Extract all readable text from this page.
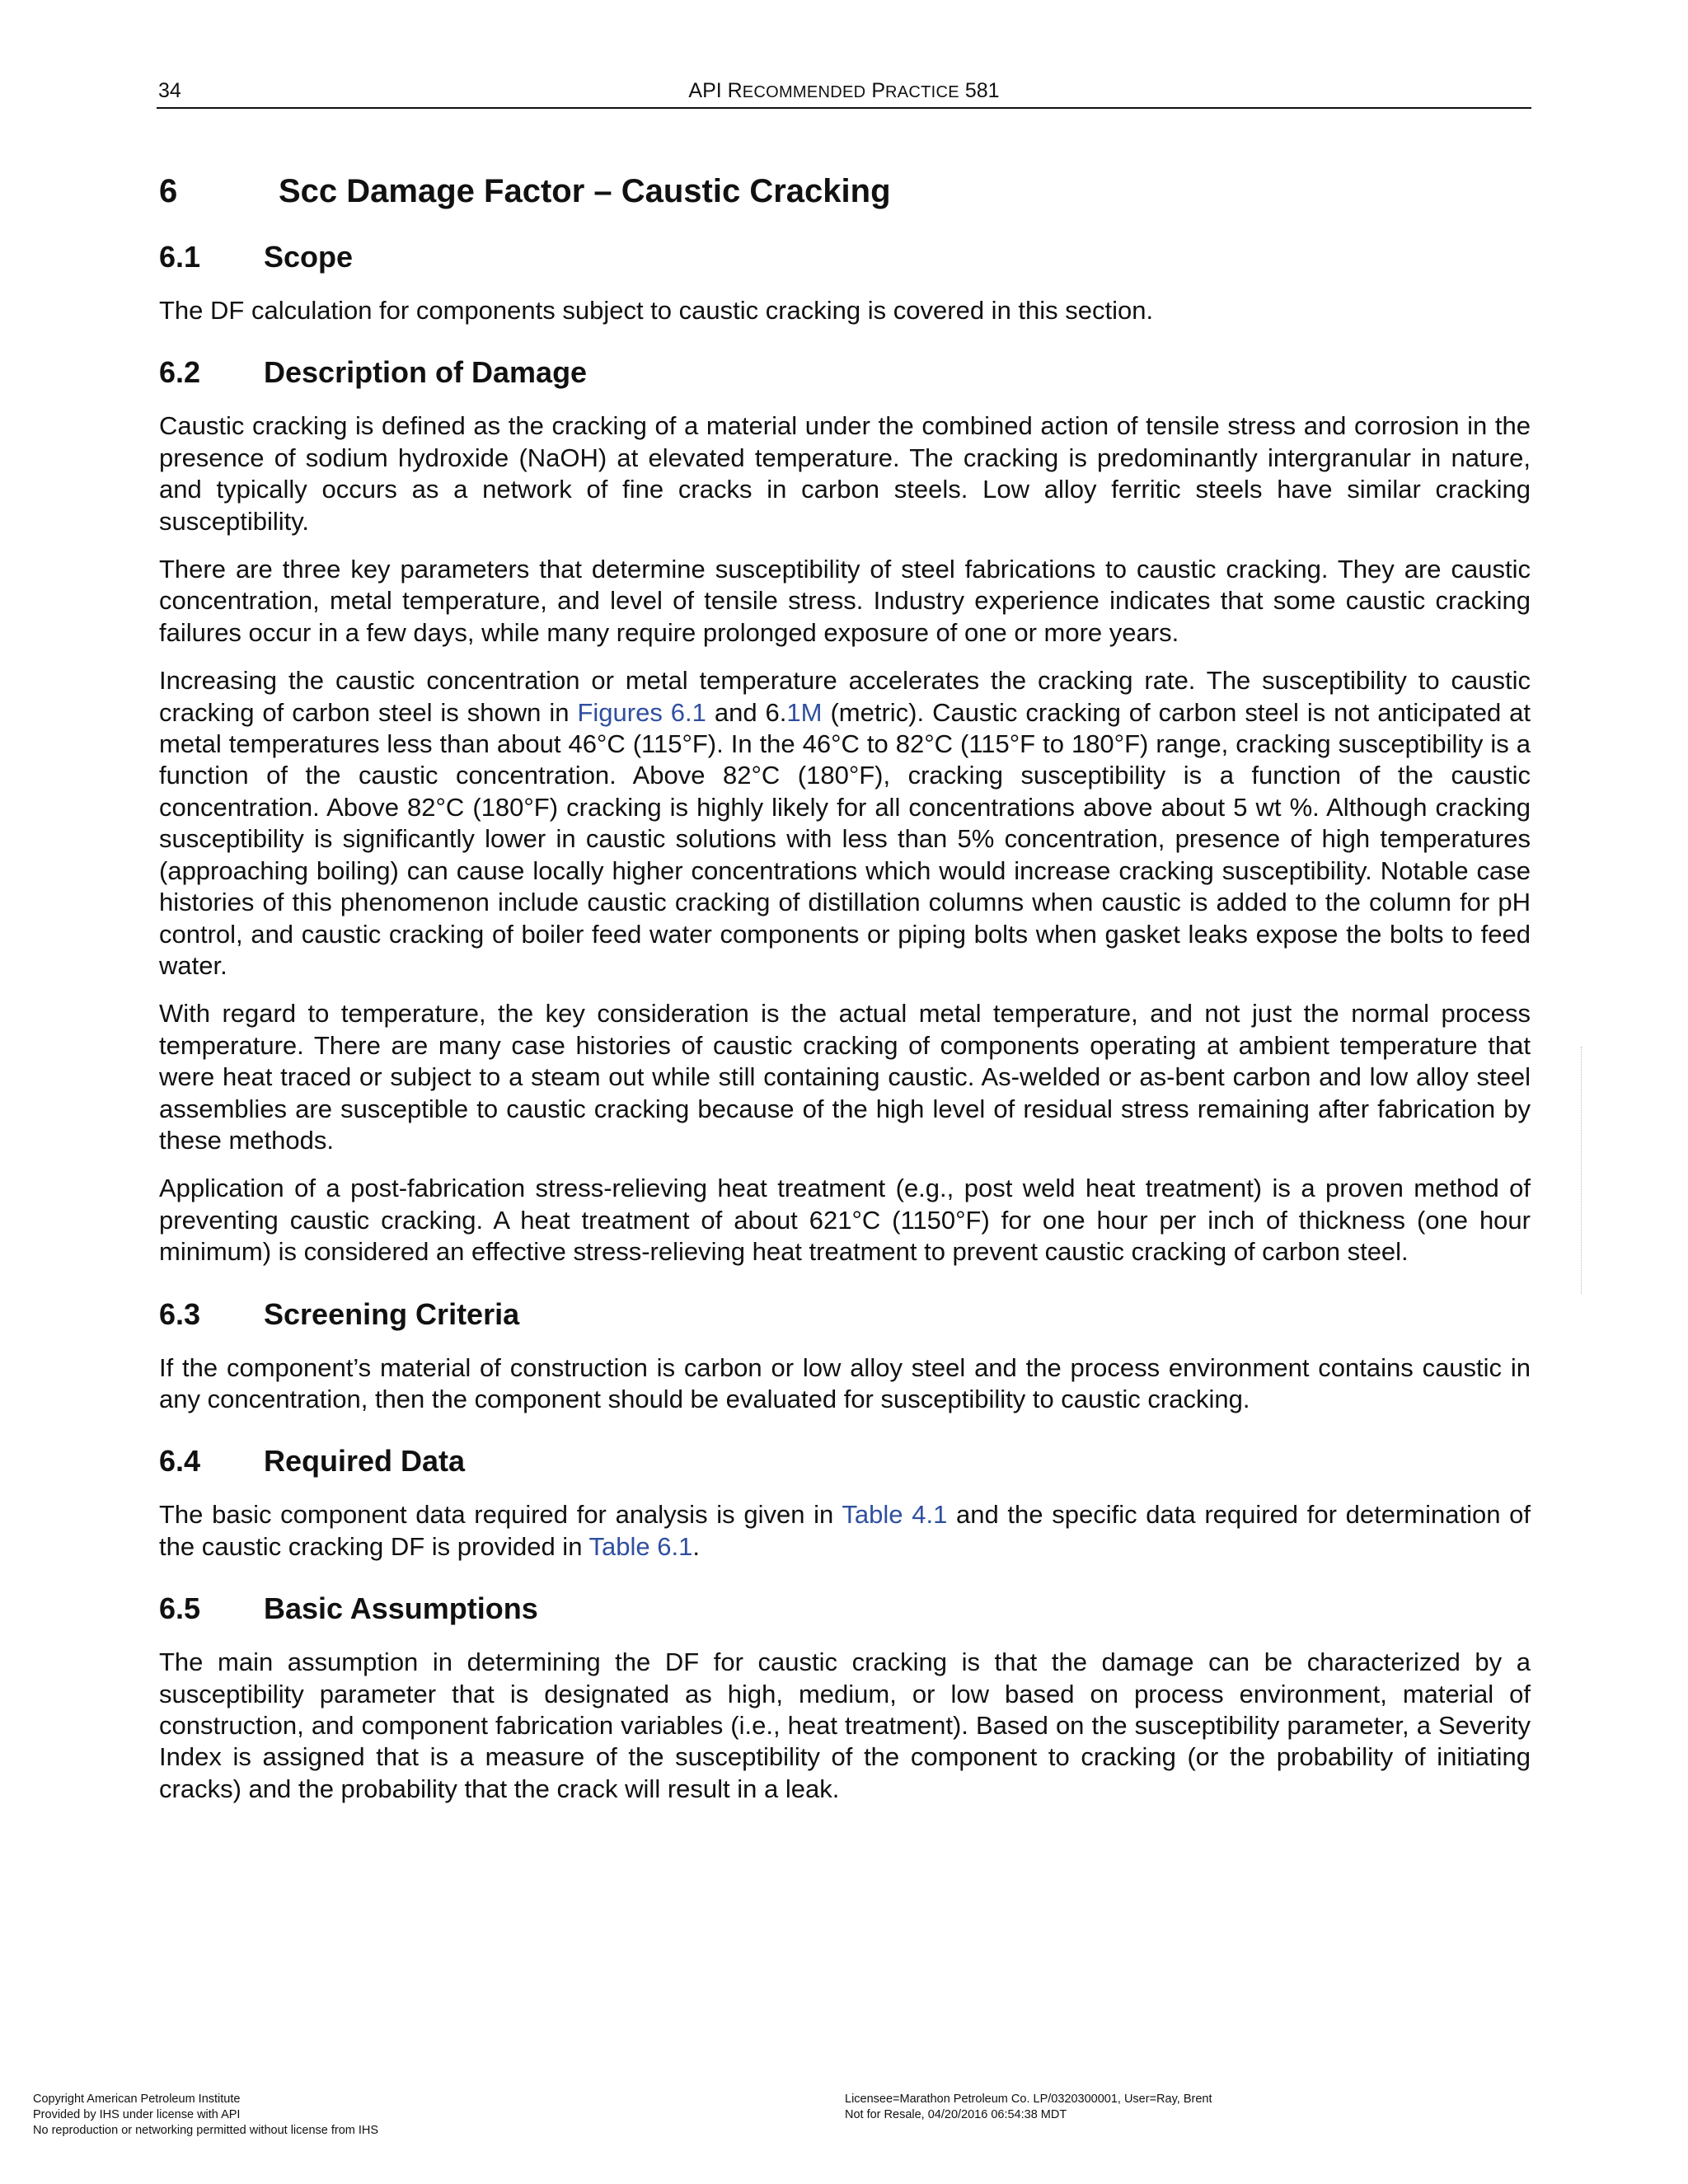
34	API RECOMMENDED PRACTICE 581
6	Scc Damage Factor – Caustic Cracking
6.1	Scope

The DF calculation for components subject to caustic cracking is covered in this section.

6.2	Description of Damage

Caustic cracking is defined as the cracking of a material under the combined action of tensile stress and corrosion in the presence of sodium hydroxide (NaOH) at elevated temperature. The cracking is predominantly intergranular in nature, and typically occurs as a network of fine cracks in carbon steels. Low alloy ferritic steels have similar cracking susceptibility.

There are three key parameters that determine susceptibility of steel fabrications to caustic cracking. They are caustic concentration, metal temperature, and level of tensile stress. Industry experience indicates that some caustic cracking failures occur in a few days, while many require prolonged exposure of one or more years.

Increasing the caustic concentration or metal temperature accelerates the cracking rate. The susceptibility to caustic cracking of carbon steel is shown in Figures 6.1 and 6.1M (metric). Caustic cracking of carbon steel is not anticipated at metal temperatures less than about 46°C (115°F). In the 46°C to 82°C (115°F to 180°F) range, cracking susceptibility is a function of the caustic concentration. Above 82°C (180°F), cracking susceptibility is a function of the caustic concentration. Above 82°C (180°F) cracking is highly likely for all concentrations above about 5 wt %. Although cracking susceptibility is significantly lower in caustic solutions with less than 5% concentration, presence of high temperatures (approaching boiling) can cause locally higher concentrations which would increase cracking susceptibility. Notable case histories of this phenomenon include caustic cracking of distillation columns when caustic is added to the column for pH control, and caustic cracking of boiler feed water components or piping bolts when gasket leaks expose the bolts to feed water.

With regard to temperature, the key consideration is the actual metal temperature, and not just the normal process temperature. There are many case histories of caustic cracking of components operating at ambient temperature that were heat traced or subject to a steam out while still containing caustic. As-welded or as-bent carbon and low alloy steel assemblies are susceptible to caustic cracking because of the high level of residual stress remaining after fabrication by these methods.

Application of a post-fabrication stress-relieving heat treatment (e.g., post weld heat treatment) is a proven method of preventing caustic cracking. A heat treatment of about 621°C (1150°F) for one hour per inch of thickness (one hour minimum) is considered an effective stress-relieving heat treatment to prevent caustic cracking of carbon steel.

6.3	Screening Criteria

If the component’s material of construction is carbon or low alloy steel and the process environment contains caustic in any concentration, then the component should be evaluated for susceptibility to caustic cracking.

6.4	Required Data

The basic component data required for analysis is given in Table 4.1 and the specific data required for determination of the caustic cracking DF is provided in Table 6.1.

6.5	Basic Assumptions

The main assumption in determining the DF for caustic cracking is that the damage can be characterized by a susceptibility parameter that is designated as high, medium, or low based on process environment, material of construction, and component fabrication variables (i.e., heat treatment). Based on the susceptibility parameter, a Severity Index is assigned that is a measure of the susceptibility of the component to cracking (or the probability of initiating cracks) and the probability that the crack will result in a leak.

Copyright American Petroleum Institute
Provided by IHS under license with API
No reproduction or networking permitted without license from IHS
Licensee=Marathon Petroleum Co. LP/0320300001, User=Ray, Brent
Not for Resale, 04/20/2016 06:54:38 MDT
